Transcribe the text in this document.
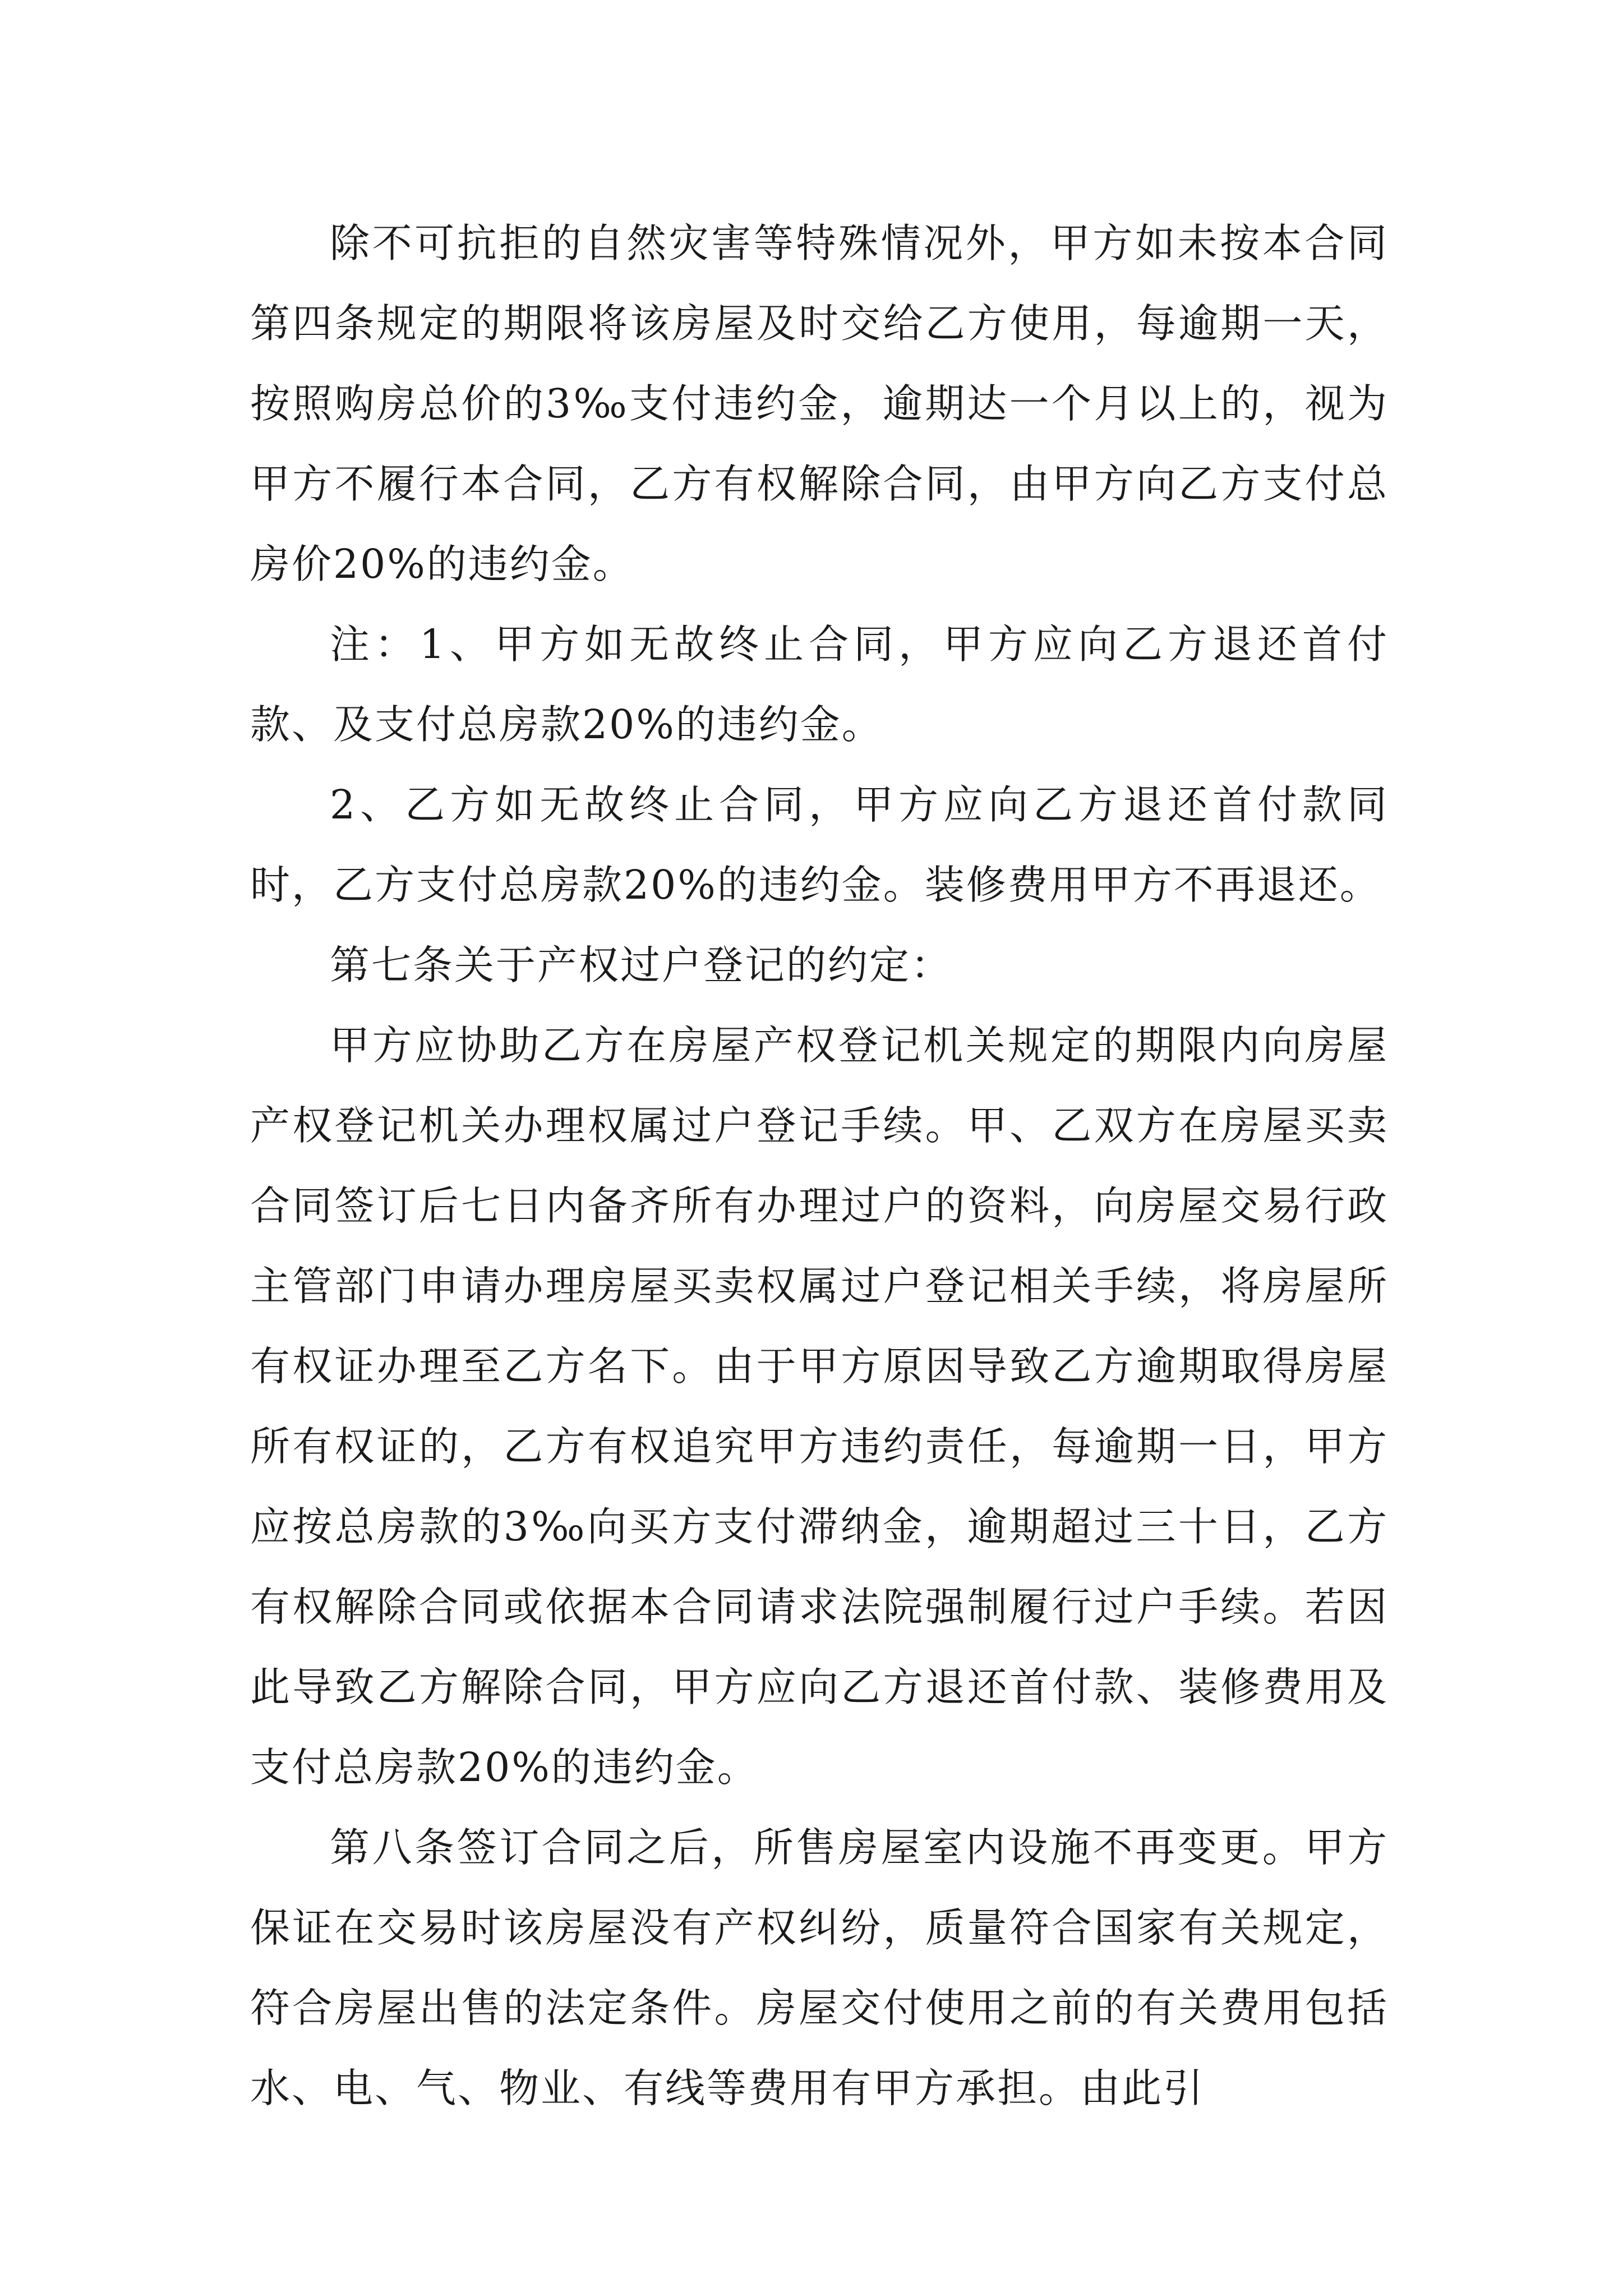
除不可抗拒的自然灾害等特殊情况外，甲方如未按本合同第四条规定的期限将该房屋及时交给乙方使用，每逾期一天，按照购房总价的3‰支付违约金，逾期达一个月以上的，视为甲方不履行本合同，乙方有权解除合同，由甲方向乙方支付总房价20%的违约金。

注：1、甲方如无故终止合同，甲方应向乙方退还首付款、及支付总房款20%的违约金。

2、乙方如无故终止合同，甲方应向乙方退还首付款同时，乙方支付总房款20%的违约金。装修费用甲方不再退还。

第七条关于产权过户登记的约定：

甲方应协助乙方在房屋产权登记机关规定的期限内向房屋产权登记机关办理权属过户登记手续。甲、乙双方在房屋买卖合同签订后七日内备齐所有办理过户的资料，向房屋交易行政主管部门申请办理房屋买卖权属过户登记相关手续，将房屋所有权证办理至乙方名下。由于甲方原因导致乙方逾期取得房屋所有权证的，乙方有权追究甲方违约责任，每逾期一日，甲方应按总房款的3‰向买方支付滞纳金，逾期超过三十日，乙方有权解除合同或依据本合同请求法院强制履行过户手续。若因此导致乙方解除合同，甲方应向乙方退还首付款、装修费用及支付总房款20%的违约金。

第八条签订合同之后，所售房屋室内设施不再变更。甲方保证在交易时该房屋没有产权纠纷，质量符合国家有关规定，符合房屋出售的法定条件。房屋交付使用之前的有关费用包括水、电、气、物业、有线等费用有甲方承担。由此引
